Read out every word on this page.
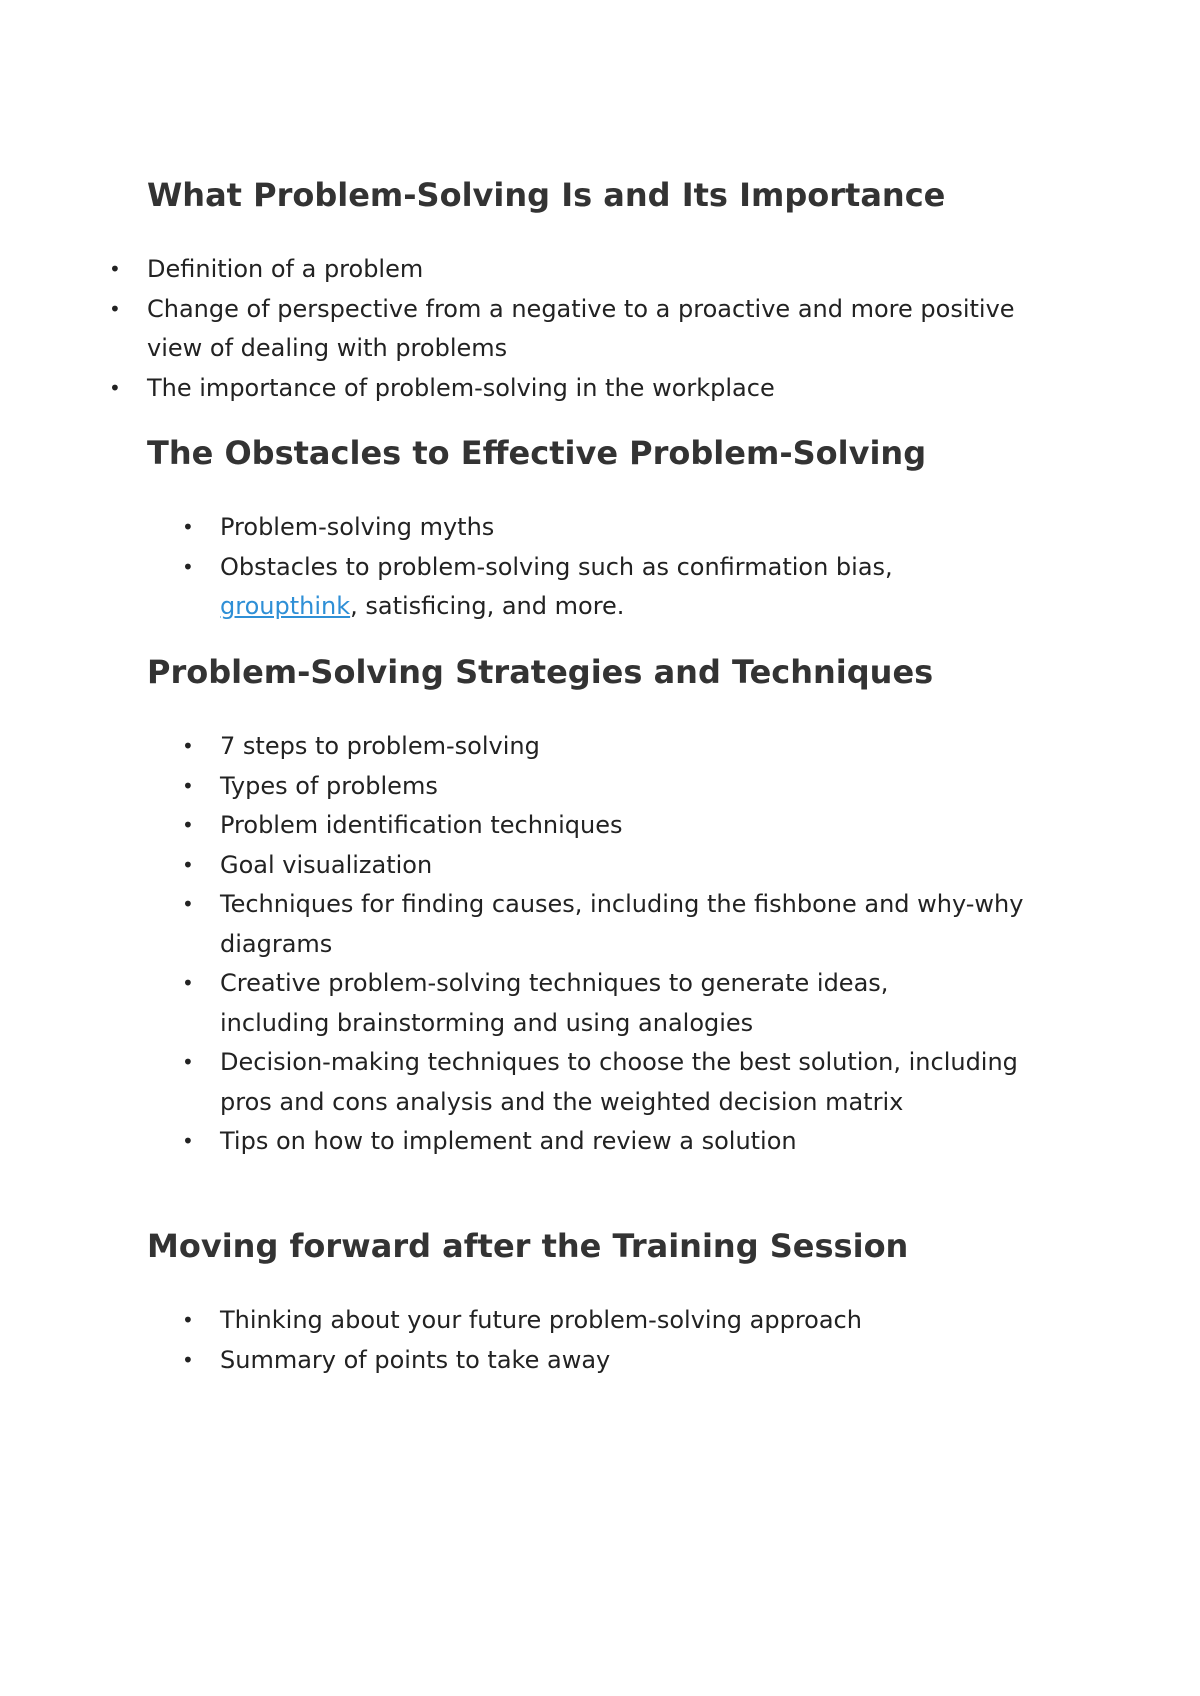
What Problem-Solving Is and Its Importance
• Definition of a problem
• Change of perspective from a negative to a proactive and more positive view of dealing with problems
• The importance of problem-solving in the workplace
The Obstacles to Effective Problem-Solving
• Problem-solving myths
• Obstacles to problem-solving such as confirmation bias, groupthink, satisficing, and more.
Problem-Solving Strategies and Techniques
• 7 steps to problem-solving
• Types of problems
• Problem identification techniques
• Goal visualization
• Techniques for finding causes, including the fishbone and why-why diagrams
• Creative problem-solving techniques to generate ideas, including brainstorming and using analogies
• Decision-making techniques to choose the best solution, including pros and cons analysis and the weighted decision matrix
• Tips on how to implement and review a solution
Moving forward after the Training Session
• Thinking about your future problem-solving approach
• Summary of points to take away
